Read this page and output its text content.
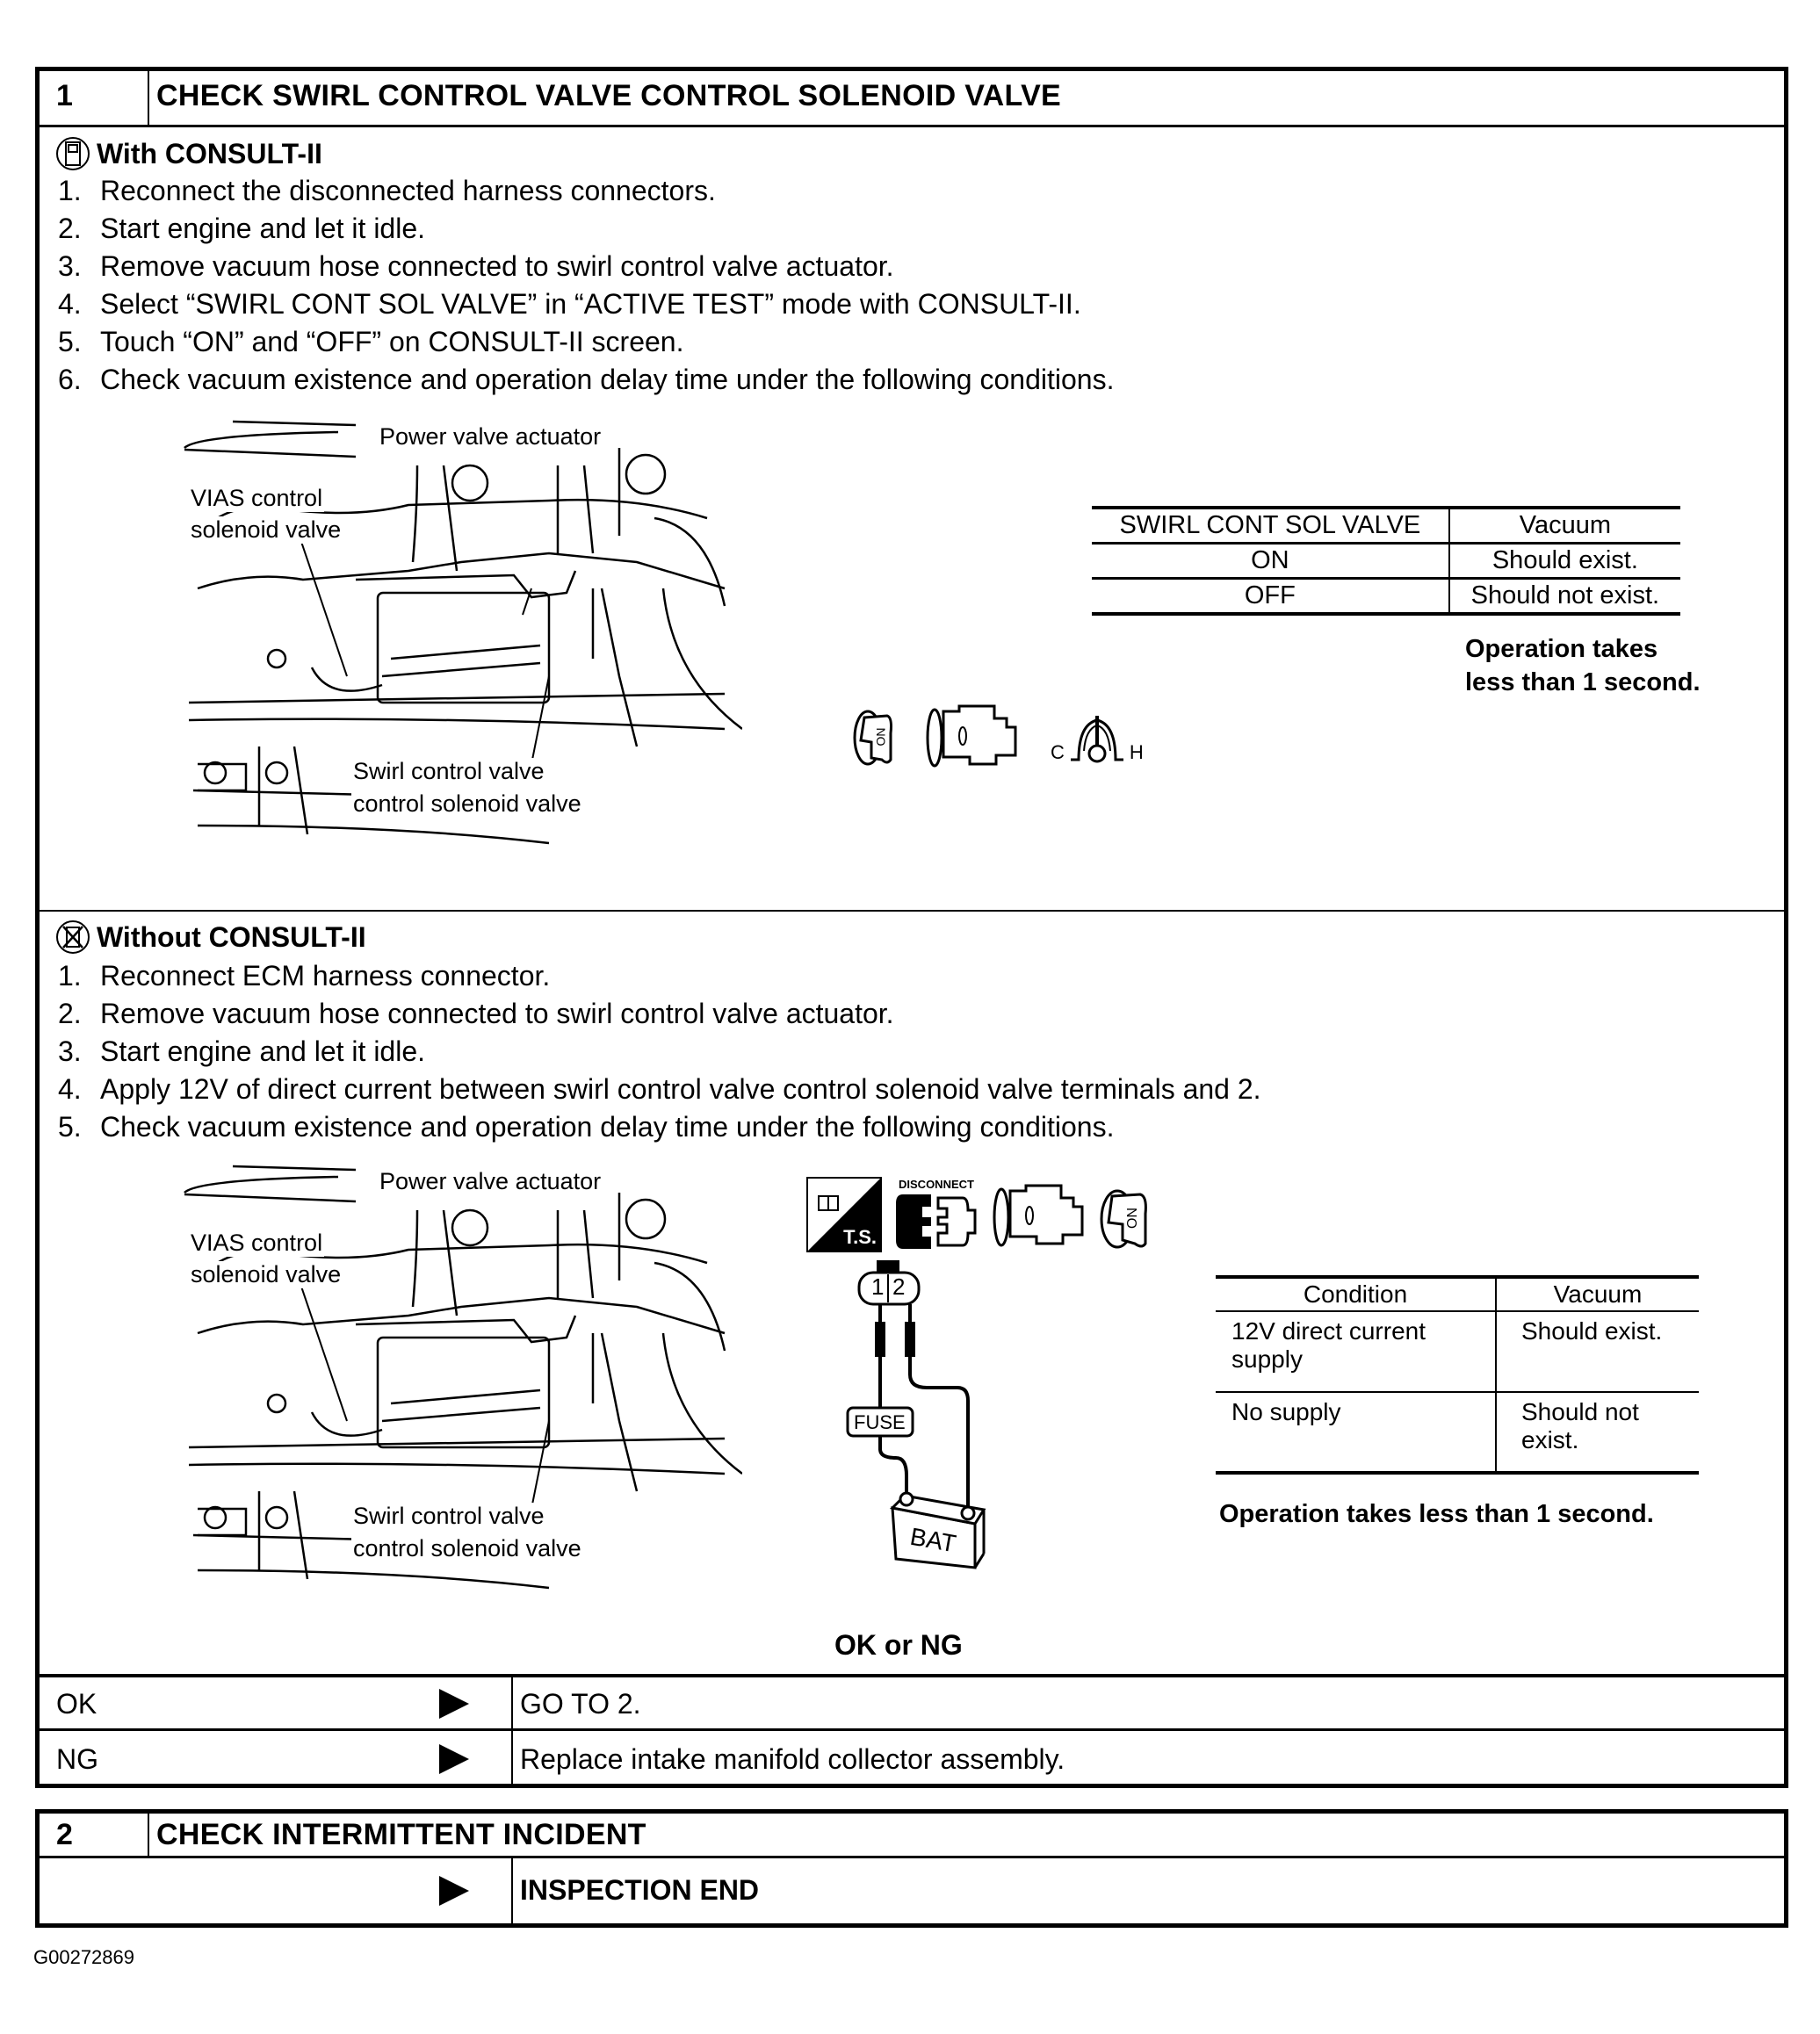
1	CHECK SWIRL CONTROL VALVE CONTROL SOLENOID VALVE
With CONSULT-II
1. Reconnect the disconnected harness connectors.
2. Start engine and let it idle.
3. Remove vacuum hose connected to swirl control valve actuator.
4. Select “SWIRL CONT SOL VALVE” in “ACTIVE TEST” mode with CONSULT-II.
5. Touch “ON” and “OFF” on CONSULT-II screen.
6. Check vacuum existence and operation delay time under the following conditions.
Power valve actuator
VIAS control
solenoid valve
Swirl control valve
control solenoid valve
SWIRL CONT SOL VALVE	Vacuum
ON	Should exist.
OFF	Should not exist.
Operation takes
less than 1 second.
ON
C	H
Without CONSULT-II
1. Reconnect ECM harness connector.
2. Remove vacuum hose connected to swirl control valve actuator.
3. Start engine and let it idle.
4. Apply 12V of direct current between swirl control valve control solenoid valve terminals and 2.
5. Check vacuum existence and operation delay time under the following conditions.
Power valve actuator
VIAS control
solenoid valve
Swirl control valve
control solenoid valve
T.S.
DISCONNECT
ON
1 2
FUSE
BAT
Condition	Vacuum
12V direct current supply	Should exist.
No supply	Should not exist.
Operation takes less than 1 second.
OK or NG
OK	GO TO 2.
NG	Replace intake manifold collector assembly.
2	CHECK INTERMITTENT INCIDENT
INSPECTION END
G00272869
